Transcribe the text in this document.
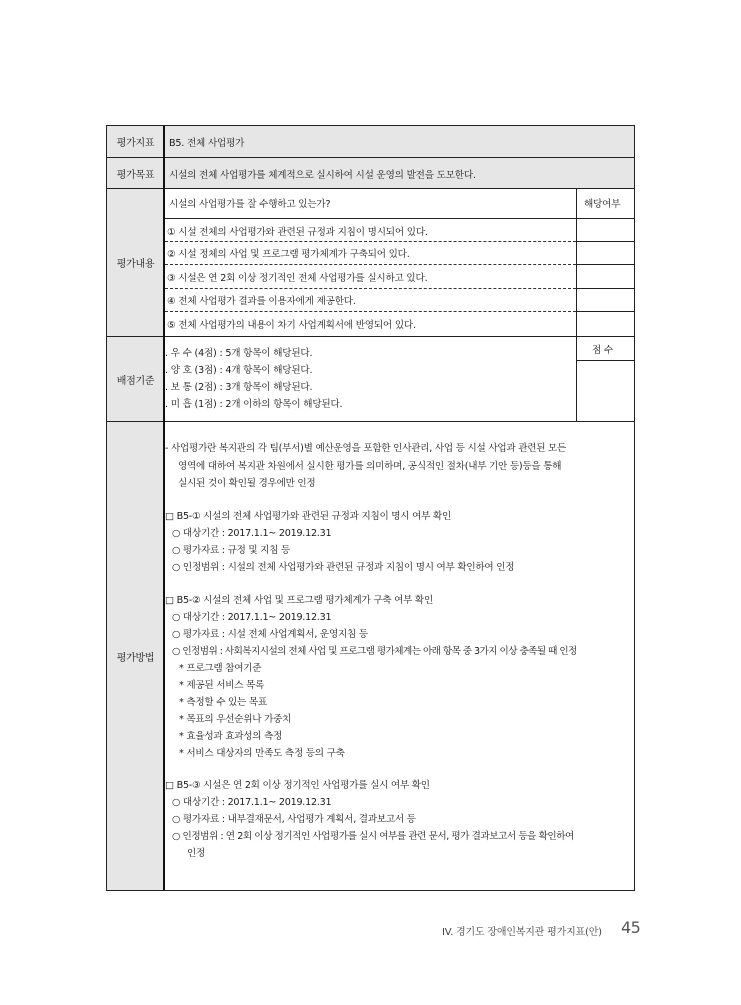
평가지표
평가목표
평가내용
배점기준
평가방법
B5. 전체 사업평가
시설의 전체 사업평가를 체계적으로 실시하여 시설 운영의 발전을 도모한다.
시설의 사업평가를 잘 수행하고 있는가?	해당여부
① 시설 전체의 사업평가와 관련된 규정과 지침이 명시되어 있다.
② 시설 정체의 사업 및 프로그램 평가체계가 구축되어 있다.
③ 시설은 연 2회 이상 정기적인 전체 사업평가를 실시하고 있다.
④ 전체 사업평가 결과를 이용자에게 제공한다.
⑤ 전체 사업평가의 내용이 차기 사업계획서에 반영되어 있다.
. 우 수 (4점) : 5개 항목이 해당된다.
. 양 호 (3점) : 4개 항목이 해당된다.
. 보 통 (2점) : 3개 항목이 해당된다.
. 미 흡 (1점) : 2개 이하의 항목이 해당된다.
점 수
- 사업평가란 복지관의 각 팀(부서)별 예산운영을 포함한 인사관리, 사업 등 시설 사업과 관련된 모든
영역에 대하여 복지관 차원에서 실시한 평가를 의미하며, 공식적인 절차(내부 기안 등)등을 통해
실시된 것이 확인될 경우에만 인정
□ B5-① 시설의 전체 사업평가와 관련된 규정과 지침이 명시 여부 확인
○ 대상기간 : 2017.1.1~ 2019.12.31
○ 평가자료 : 규정 및 지침 등
○ 인정범위 : 시설의 전체 사업평가와 관련된 규정과 지침이 명시 여부 확인하여 인정
□ B5-② 시설의 전체 사업 및 프로그램 평가체계가 구축 여부 확인
○ 대상기간 : 2017.1.1~ 2019.12.31
○ 평가자료 : 시설 전체 사업계획서, 운영지침 등
○ 인정범위 : 사회복지시설의 전체 사업 및 프로그램 평가체계는 아래 항목 중 3가지 이상 충족될 때 인정
* 프로그램 참여기준
* 제공된 서비스 목록
* 측정할 수 있는 목표
* 목표의 우선순위나 가중치
* 효율성과 효과성의 측정
* 서비스 대상자의 만족도 측정 등의 구축
□ B5-③ 시설은 연 2회 이상 정기적인 사업평가를 실시 여부 확인
○ 대상기간 : 2017.1.1~ 2019.12.31
○ 평가자료 : 내부결재문서, 사업평가 계획서, 결과보고서 등
○ 인정범위 : 연 2회 이상 정기적인 사업평가를 실시 여부를 관련 문서, 평가 결과보고서 등을 확인하여
인정
IV. 경기도 장애인복지관 평가지표(안) 45
